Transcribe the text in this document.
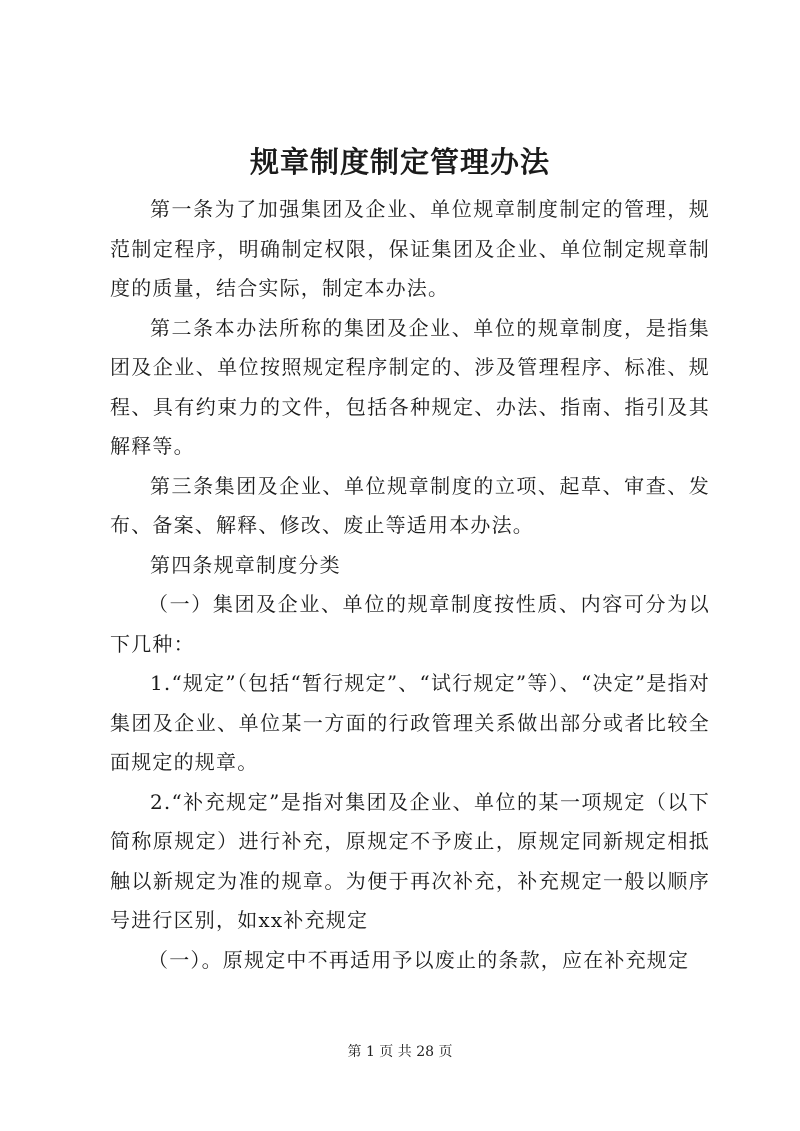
规章制度制定管理办法

第一条为了加强集团及企业、单位规章制度制定的管理，规范制定程序，明确制定权限，保证集团及企业、单位制定规章制度的质量，结合实际，制定本办法。

第二条本办法所称的集团及企业、单位的规章制度，是指集团及企业、单位按照规定程序制定的、涉及管理程序、标准、规程、具有约束力的文件，包括各种规定、办法、指南、指引及其解释等。

第三条集团及企业、单位规章制度的立项、起草、审查、发布、备案、解释、修改、废止等适用本办法。

第四条规章制度分类

（一）集团及企业、单位的规章制度按性质、内容可分为以下几种：

1.“规定”（包括“暂行规定”、“试行规定”等）、“决定”是指对集团及企业、单位某一方面的行政管理关系做出部分或者比较全面规定的规章。

2.“补充规定”是指对集团及企业、单位的某一项规定（以下简称原规定）进行补充，原规定不予废止，原规定同新规定相抵触以新规定为准的规章。为便于再次补充，补充规定一般以顺序号进行区别，如xx补充规定

（一）。原规定中不再适用予以废止的条款，应在补充规定

第 1 页 共 28 页
